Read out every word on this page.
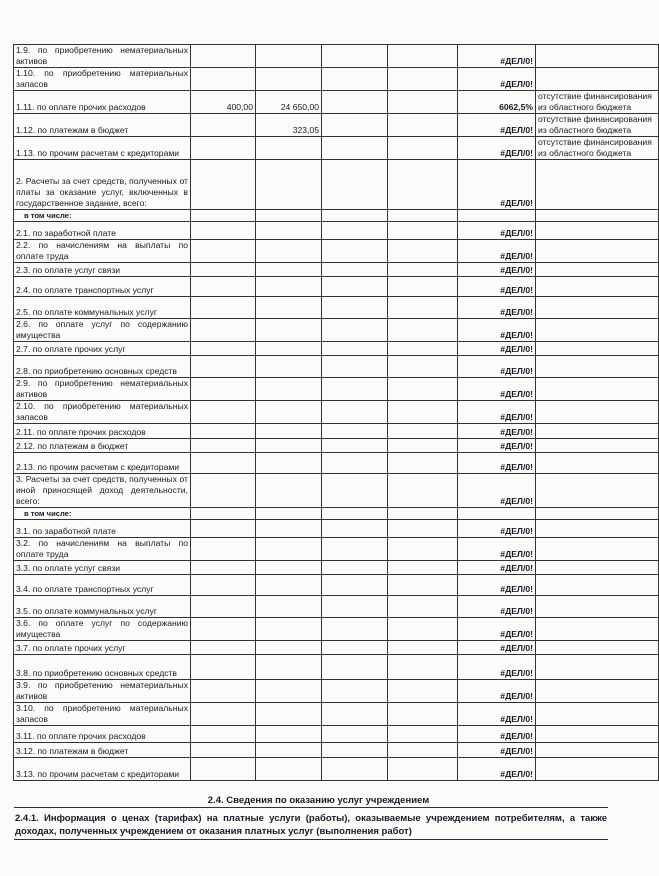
1.9. по приобретению нематериальных активов					#ДЕЛ/0!	
1.10. по приобретению материальных запасов					#ДЕЛ/0!	
1.11. по оплате прочих расходов	400,00	24 650,00			6062,5%	отсутствие финансирования из областного бюджета
1.12. по платежам в бюджет		323,05			#ДЕЛ/0!	отсутствие финансирования из областного бюджета
1.13. по прочим расчетам с кредиторами					#ДЕЛ/0!	отсутствие финансирования из областного бюджета
2. Расчеты за счет средств, полученных от платы за оказание услуг, включенных в государственное задание, всего:					#ДЕЛ/0!	
в том числе:						
2.1. по заработной плате					#ДЕЛ/0!	
2.2. по начислениям на выплаты по оплате труда					#ДЕЛ/0!	
2.3. по оплате услуг связи					#ДЕЛ/0!	
2.4. по оплате транспортных услуг					#ДЕЛ/0!	
2.5. по оплате коммунальных услуг					#ДЕЛ/0!	
2.6. по оплате услуг по содержанию имущества					#ДЕЛ/0!	
2.7. по оплате прочих услуг					#ДЕЛ/0!	
2.8. по приобретению основных средств					#ДЕЛ/0!	
2.9. по приобретению нематериальных активов					#ДЕЛ/0!	
2.10. по приобретению материальных запасов					#ДЕЛ/0!	
2.11. по оплате прочих расходов					#ДЕЛ/0!	
2.12. по платежам в бюджет					#ДЕЛ/0!	
2.13. по прочим расчетам с кредиторами					#ДЕЛ/0!	
3. Расчеты за счет средств, полученных от иной приносящей доход деятельности, всего:					#ДЕЛ/0!	
в том числе:						
3.1. по заработной плате					#ДЕЛ/0!	
3.2. по начислениям на выплаты по оплате труда					#ДЕЛ/0!	
3.3. по оплате услуг связи					#ДЕЛ/0!	
3.4. по оплате транспортных услуг					#ДЕЛ/0!	
3.5. по оплате коммунальных услуг					#ДЕЛ/0!	
3.6. по оплате услуг по содержанию имущества					#ДЕЛ/0!	
3.7. по оплате прочих услуг					#ДЕЛ/0!	
3.8. по приобретению основных средств					#ДЕЛ/0!	
3.9. по приобретению нематериальных активов					#ДЕЛ/0!	
3.10. по приобретению материальных запасов					#ДЕЛ/0!	
3.11. по оплате прочих расходов					#ДЕЛ/0!	
3.12. по платежам в бюджет					#ДЕЛ/0!	
3.13. по прочим расчетам с кредиторами					#ДЕЛ/0!	
2.4. Сведения по оказанию услуг учреждением
2.4.1. Информация о ценах (тарифах) на платные услуги (работы), оказываемые учреждением потребителям, а также доходах, полученных учреждением от оказания платных услуг (выполнения работ)
